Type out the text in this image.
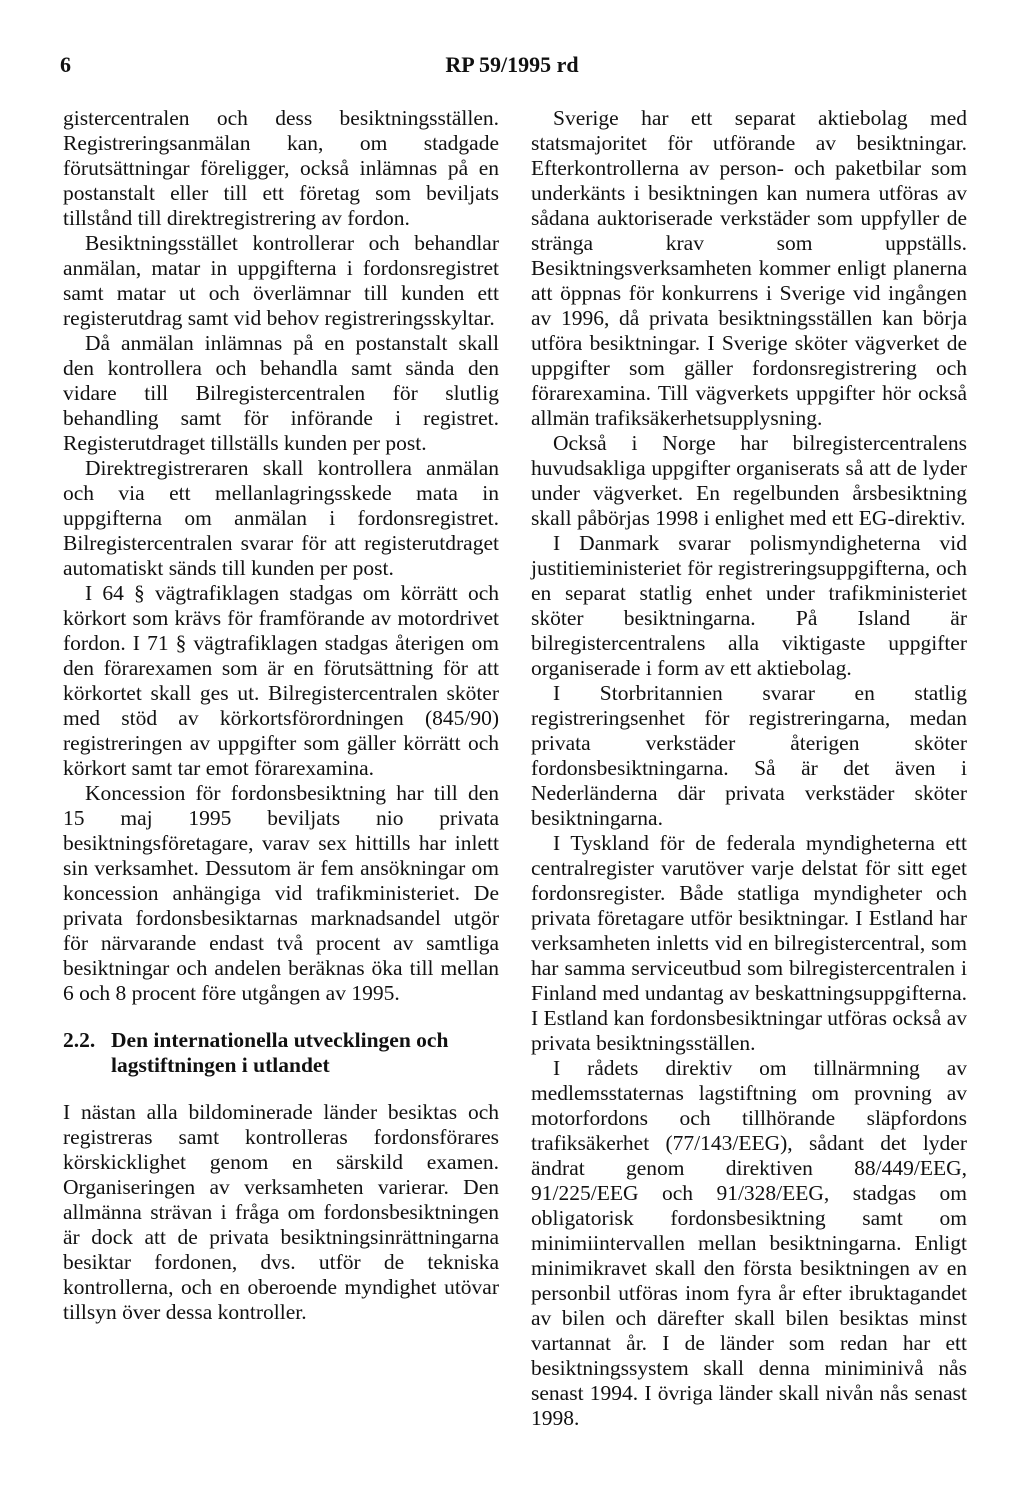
6	RP 59/1995 rd

gistercentralen och dess besiktningsställen. Registreringsanmälan kan, om stadgade förutsättningar föreligger, också inlämnas på en postanstalt eller till ett företag som beviljats tillstånd till direktregistrering av fordon.

Besiktningsstället kontrollerar och behandlar anmälan, matar in uppgifterna i fordonsregistret samt matar ut och överlämnar till kunden ett registerutdrag samt vid behov registreringsskyltar.

Då anmälan inlämnas på en postanstalt skall den kontrollera och behandla samt sända den vidare till Bilregistercentralen för slutlig behandling samt för införande i registret. Registerutdraget tillställs kunden per post.

Direktregistreraren skall kontrollera anmälan och via ett mellanlagringsskede mata in uppgifterna om anmälan i fordonsregistret. Bilregistercentralen svarar för att registerutdraget automatiskt sänds till kunden per post.

I 64 § vägtrafiklagen stadgas om körrätt och körkort som krävs för framförande av motordrivet fordon. I 71 § vägtrafiklagen stadgas återigen om den förarexamen som är en förutsättning för att körkortet skall ges ut. Bilregistercentralen sköter med stöd av körkortsförordningen (845/90) registreringen av uppgifter som gäller körrätt och körkort samt tar emot förarexamina.

Koncession för fordonsbesiktning har till den 15 maj 1995 beviljats nio privata besiktningsföretagare, varav sex hittills har inlett sin verksamhet. Dessutom är fem ansökningar om koncession anhängiga vid trafikministeriet. De privata fordonsbesiktarnas marknadsandel utgör för närvarande endast två procent av samtliga besiktningar och andelen beräknas öka till mellan 6 och 8 procent före utgången av 1995.

2.2. Den internationella utvecklingen och lagstiftningen i utlandet

I nästan alla bildominerade länder besiktas och registreras samt kontrolleras fordonsförares körskicklighet genom en särskild examen. Organiseringen av verksamheten varierar. Den allmänna strävan i fråga om fordonsbesiktningen är dock att de privata besiktningsinrättningarna besiktar fordonen, dvs. utför de tekniska kontrollerna, och en oberoende myndighet utövar tillsyn över dessa kontroller.

Sverige har ett separat aktiebolag med statsmajoritet för utförande av besiktningar. Efterkontrollerna av person- och paketbilar som underkänts i besiktningen kan numera utföras av sådana auktoriserade verkstäder som uppfyller de stränga krav som uppställs. Besiktningsverksamheten kommer enligt planerna att öppnas för konkurrens i Sverige vid ingången av 1996, då privata besiktningsställen kan börja utföra besiktningar. I Sverige sköter vägverket de uppgifter som gäller fordonsregistrering och förarexamina. Till vägverkets uppgifter hör också allmän trafiksäkerhetsupplysning.

Också i Norge har bilregistercentralens huvudsakliga uppgifter organiserats så att de lyder under vägverket. En regelbunden årsbesiktning skall påbörjas 1998 i enlighet med ett EG-direktiv.

I Danmark svarar polismyndigheterna vid justitieministeriet för registreringsuppgifterna, och en separat statlig enhet under trafikministeriet sköter besiktningarna. På Island är bilregistercentralens alla viktigaste uppgifter organiserade i form av ett aktiebolag.

I Storbritannien svarar en statlig registreringsenhet för registreringarna, medan privata verkstäder återigen sköter fordonsbesiktningarna. Så är det även i Nederländerna där privata verkstäder sköter besiktningarna.

I Tyskland för de federala myndigheterna ett centralregister varutöver varje delstat för sitt eget fordonsregister. Både statliga myndigheter och privata företagare utför besiktningar. I Estland har verksamheten inletts vid en bilregistercentral, som har samma serviceutbud som bilregistercentralen i Finland med undantag av beskattningsuppgifterna. I Estland kan fordonsbesiktningar utföras också av privata besiktningsställen.

I rådets direktiv om tillnärmning av medlemsstaternas lagstiftning om provning av motorfordons och tillhörande släpfordons trafiksäkerhet (77/143/EEG), sådant det lyder ändrat genom direktiven 88/449/EEG, 91/225/EEG och 91/328/EEG, stadgas om obligatorisk fordonsbesiktning samt om minimiintervallen mellan besiktningarna. Enligt minimikravet skall den första besiktningen av en personbil utföras inom fyra år efter ibruktagandet av bilen och därefter skall bilen besiktas minst vartannat år. I de länder som redan har ett besiktningssystem skall denna miniminivå nås senast 1994. I övriga länder skall nivån nås senast 1998.
